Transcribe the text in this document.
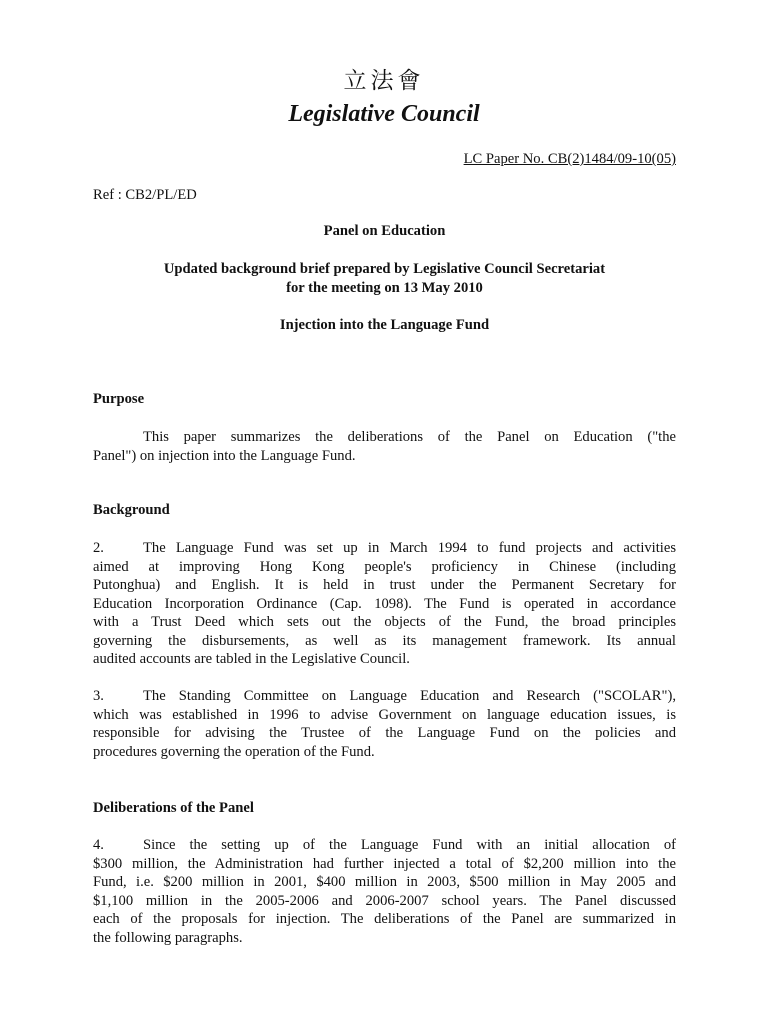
立法會
Legislative Council
LC Paper No. CB(2)1484/09-10(05)
Ref : CB2/PL/ED
Panel on Education
Updated background brief prepared by Legislative Council Secretariat
for the meeting on 13 May 2010
Injection into the Language Fund
Purpose
This paper summarizes the deliberations of the Panel on Education ("the
Panel") on injection into the Language Fund.
Background
2.	The Language Fund was set up in March 1994 to fund projects and activities
aimed at improving Hong Kong people's proficiency in Chinese (including
Putonghua) and English. It is held in trust under the Permanent Secretary for
Education Incorporation Ordinance (Cap. 1098). The Fund is operated in accordance
with a Trust Deed which sets out the objects of the Fund, the broad principles
governing the disbursements, as well as its management framework. Its annual
audited accounts are tabled in the Legislative Council.
3.	The Standing Committee on Language Education and Research ("SCOLAR"),
which was established in 1996 to advise Government on language education issues, is
responsible for advising the Trustee of the Language Fund on the policies and
procedures governing the operation of the Fund.
Deliberations of the Panel
4.	Since the setting up of the Language Fund with an initial allocation of
$300 million, the Administration had further injected a total of $2,200 million into the
Fund, i.e. $200 million in 2001, $400 million in 2003, $500 million in May 2005 and
$1,100 million in the 2005-2006 and 2006-2007 school years. The Panel discussed
each of the proposals for injection. The deliberations of the Panel are summarized in
the following paragraphs.
